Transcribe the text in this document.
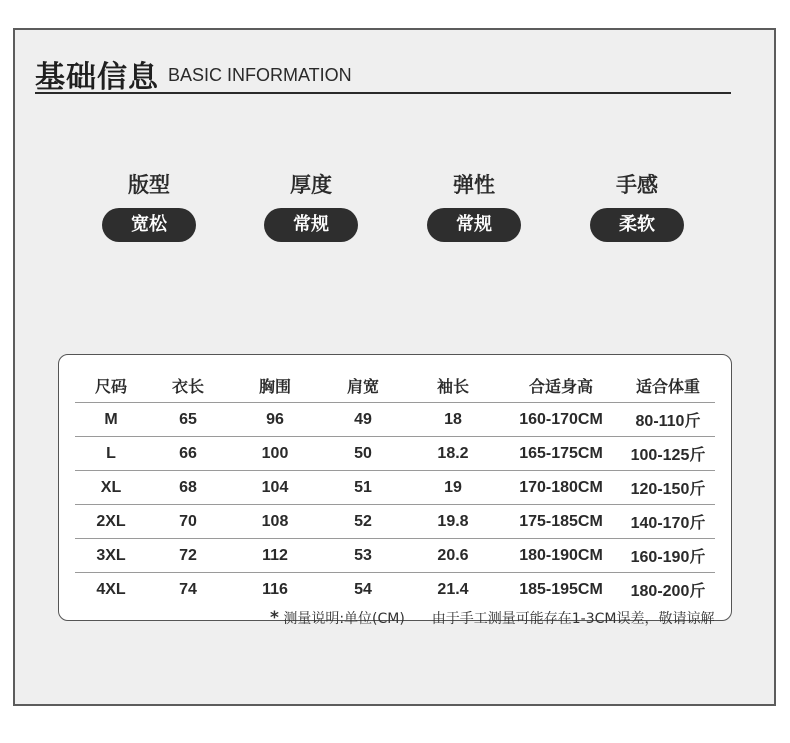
基础信息 BASIC INFORMATION
版型
宽松
厚度
常规
弹性
常规
手感
柔软
尺码	衣长	胸围	肩宽	袖长	合适身高	适合体重
M	65	96	49	18	160-170CM	80-110斤
L	66	100	50	18.2	165-175CM	100-125斤
XL	68	104	51	19	170-180CM	120-150斤
2XL	70	108	52	19.8	175-185CM	140-170斤
3XL	72	112	53	20.6	180-190CM	160-190斤
4XL	74	116	54	21.4	185-195CM	180-200斤
* 测量说明:单位(CM) 由于手工测量可能存在1-3CM误差，敬请谅解
